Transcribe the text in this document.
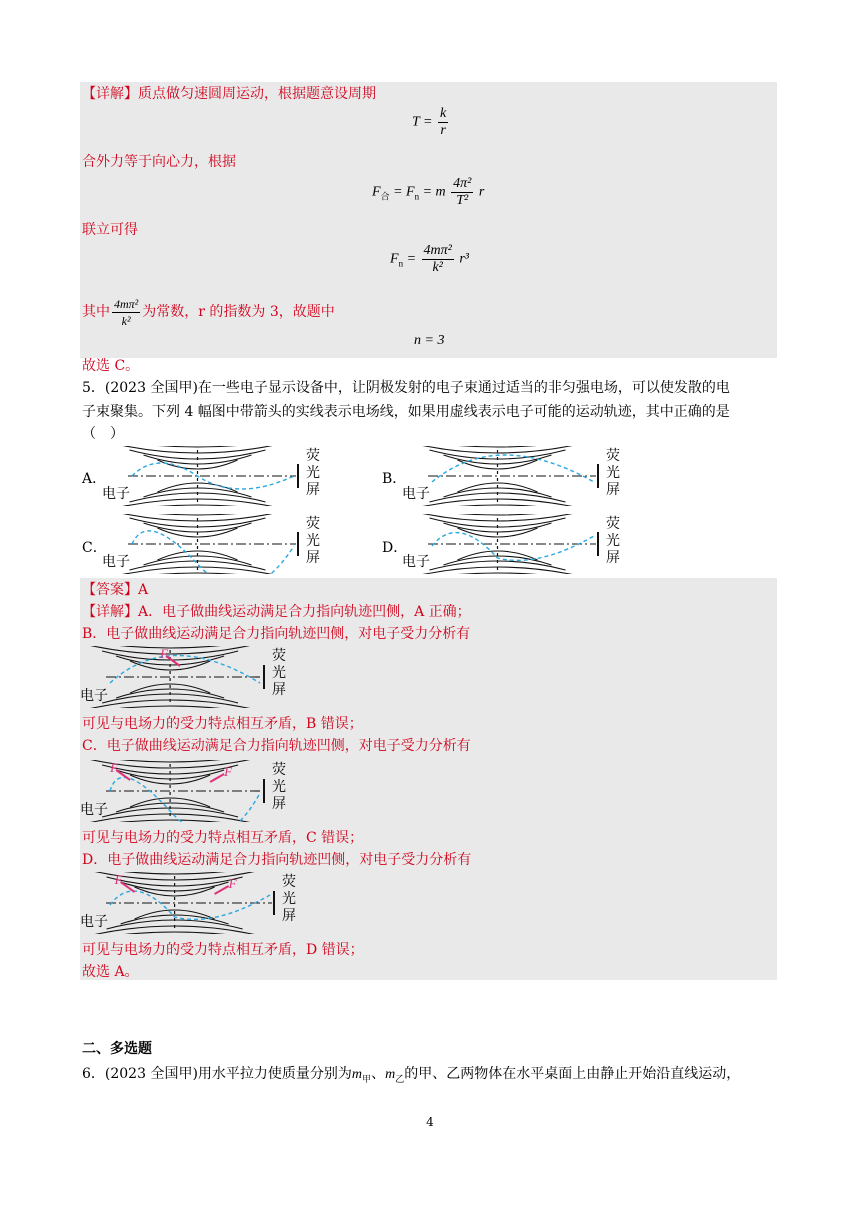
【详解】质点做匀速圆周运动，根据题意设周期
$T = \frac{k}{r}$
合外力等于向心力，根据
$F_合 = F_n = m \frac{\text{4π²}}{\text{T²}}$ r
联立可得
$F_n = \frac{\text{4mπ²}}{\text{k²}} r^3$
其中 $\frac{\text{4mπ²}}{\text{k²}}$ 为常数，r 的指数为 3，故题中
n = 3
故选 C。
5．(2023 全国甲)在一些电子显示设备中，让阴极发射的电子束通过适当的非匀强电场，可以使发散的电
子束聚集。下列 4 幅图中带箭头的实线表示电场线，如果用虚线表示电子可能的运动轨迹，其中正确的是
（　）
A．	B．
C．	D．
电子
荧
光
屏	电子
荧
光
屏
电子
荧
光
屏	电子
荧
光
屏
【答案】A
【详解】A．电子做曲线运动满足合力指向轨迹凹侧，A 正确；
B．电子做曲线运动满足合力指向轨迹凹侧，对电子受力分析有
电子
荧
光
屏
F
可见与电场力的受力特点相互矛盾，B 错误；
C．电子做曲线运动满足合力指向轨迹凹侧，对电子受力分析有
电子
荧
光
屏
F	F
可见与电场力的受力特点相互矛盾，C 错误；
D．电子做曲线运动满足合力指向轨迹凹侧，对电子受力分析有
电子
荧
光
屏
F	F
可见与电场力的受力特点相互矛盾，D 错误；
故选 A。
二、多选题
6．(2023 全国甲)用水平拉力使质量分别为$m_甲$、$m_乙$的甲、乙两物体在水平桌面上由静止开始沿直线运动，
4
